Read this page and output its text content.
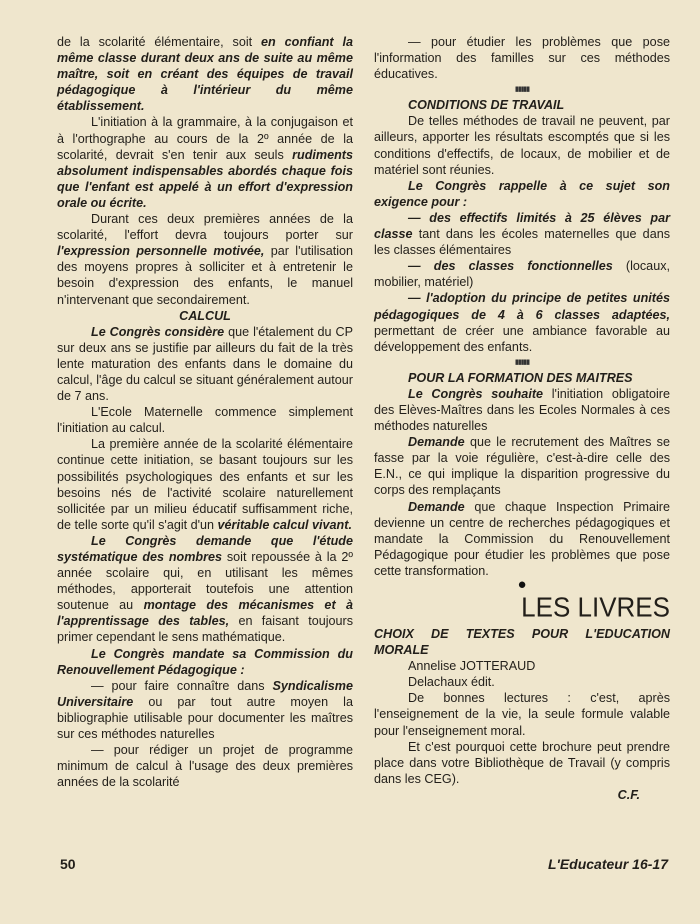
de la scolarité élémentaire, soit en confiant la même classe durant deux ans de suite au même maître, soit en créant des équipes de travail pédagogique à l'intérieur du même établissement.

L'initiation à la grammaire, à la conjugaison et à l'orthographe au cours de la 2º année de la scolarité, devrait s'en tenir aux seuls rudiments absolument indispensables abordés chaque fois que l'enfant est appelé à un effort d'expression orale ou écrite.

Durant ces deux premières années de la scolarité, l'effort devra toujours porter sur l'expression personnelle motivée, par l'utilisation des moyens propres à solliciter et à entretenir le besoin d'expression des enfants, le manuel n'intervenant que secondairement.

CALCUL

Le Congrès considère que l'étalement du CP sur deux ans se justifie par ailleurs du fait de la très lente maturation des enfants dans le domaine du calcul, l'âge du calcul se situant généralement autour de 7 ans.

L'Ecole Maternelle commence simplement l'initiation au calcul.

La première année de la scolarité élémentaire continue cette initiation, se basant toujours sur les possibilités psychologiques des enfants et sur les besoins nés de l'activité scolaire naturellement sollicitée par un milieu éducatif suffisamment riche, de telle sorte qu'il s'agit d'un véritable calcul vivant.

Le Congrès demande que l'étude systématique des nombres soit repoussée à la 2º année scolaire qui, en utilisant les mêmes méthodes, apporterait toutefois une attention soutenue au montage des mécanismes et à l'apprentissage des tables, en faisant toujours primer cependant le sens mathématique.

Le Congrès mandate sa Commission du Renouvellement Pédagogique :

— pour faire connaître dans Syndicalisme Universitaire ou par tout autre moyen la bibliographie utilisable pour documenter les maîtres sur ces méthodes naturelles

— pour rédiger un projet de programme minimum de calcul à l'usage des deux premières années de la scolarité

— pour étudier les problèmes que pose l'information des familles sur ces méthodes éducatives.

▮▮▮▮▮

CONDITIONS DE TRAVAIL

De telles méthodes de travail ne peuvent, par ailleurs, apporter les résultats escomptés que si les conditions d'effectifs, de locaux, de mobilier et de matériel sont réunies.

Le Congrès rappelle à ce sujet son exigence pour :

— des effectifs limités à 25 élèves par classe tant dans les écoles maternelles que dans les classes élémentaires

— des classes fonctionnelles (locaux, mobilier, matériel)

— l'adoption du principe de petites unités pédagogiques de 4 à 6 classes adaptées, permettant de créer une ambiance favorable au développement des enfants.

▮▮▮▮▮

POUR LA FORMATION DES MAITRES

Le Congrès souhaite l'initiation obligatoire des Elèves-Maîtres dans les Ecoles Normales à ces méthodes naturelles

Demande que le recrutement des Maîtres se fasse par la voie régulière, c'est-à-dire celle des E.N., ce qui implique la disparition progressive du corps des remplaçants

Demande que chaque Inspection Primaire devienne un centre de recherches pédagogiques et mandate la Commission du Renouvellement Pédagogique pour étudier les problèmes que pose cette transformation.

●

LES LIVRES

CHOIX DE TEXTES POUR L'EDUCATION MORALE

Annelise JOTTERAUD

Delachaux édit.

De bonnes lectures : c'est, après l'enseignement de la vie, la seule formule valable pour l'enseignement moral.

Et c'est pourquoi cette brochure peut prendre place dans votre Bibliothèque de Travail (y compris dans les CEG).

C.F.

50	L'Educateur 16-17
